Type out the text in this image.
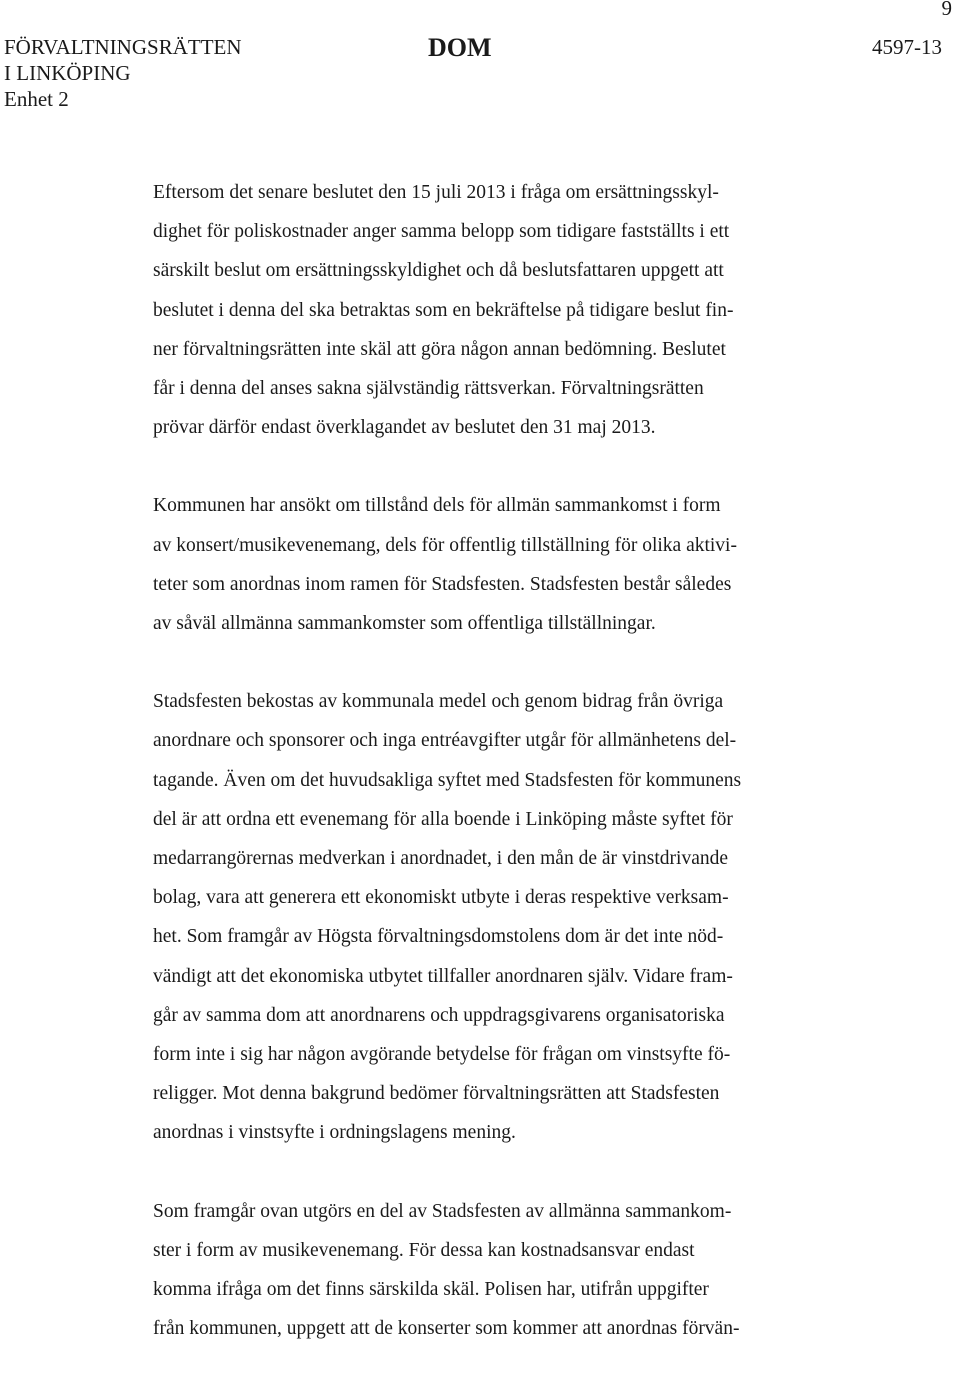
9
FÖRVALTNINGSRÄTTEN
I LINKÖPING
Enhet 2
DOM	4597-13
Eftersom det senare beslutet den 15 juli 2013 i fråga om ersättningsskyl-
dighet för poliskostnader anger samma belopp som tidigare fastställts i ett
särskilt beslut om ersättningsskyldighet och då beslutsfattaren uppgett att
beslutet i denna del ska betraktas som en bekräftelse på tidigare beslut fin-
ner förvaltningsrätten inte skäl att göra någon annan bedömning. Beslutet
får i denna del anses sakna självständig rättsverkan. Förvaltningsrätten
prövar därför endast överklagandet av beslutet den 31 maj 2013.
Kommunen har ansökt om tillstånd dels för allmän sammankomst i form
av konsert/musikevenemang, dels för offentlig tillställning för olika aktivi-
teter som anordnas inom ramen för Stadsfesten. Stadsfesten består således
av såväl allmänna sammankomster som offentliga tillställningar.
Stadsfesten bekostas av kommunala medel och genom bidrag från övriga
anordnare och sponsorer och inga entréavgifter utgår för allmänhetens del-
tagande. Även om det huvudsakliga syftet med Stadsfesten för kommunens
del är att ordna ett evenemang för alla boende i Linköping måste syftet för
medarrangörernas medverkan i anordnadet, i den mån de är vinstdrivande
bolag, vara att generera ett ekonomiskt utbyte i deras respektive verksam-
het. Som framgår av Högsta förvaltningsdomstolens dom är det inte nöd-
vändigt att det ekonomiska utbytet tillfaller anordnaren själv. Vidare fram-
går av samma dom att anordnarens och uppdragsgivarens organisatoriska
form inte i sig har någon avgörande betydelse för frågan om vinstsyfte fö-
religger. Mot denna bakgrund bedömer förvaltningsrätten att Stadsfesten
anordnas i vinstsyfte i ordningslagens mening.
Som framgår ovan utgörs en del av Stadsfesten av allmänna sammankom-
ster i form av musikevenemang. För dessa kan kostnadsansvar endast
komma ifråga om det finns särskilda skäl. Polisen har, utifrån uppgifter
från kommunen, uppgett att de konserter som kommer att anordnas förvän-
